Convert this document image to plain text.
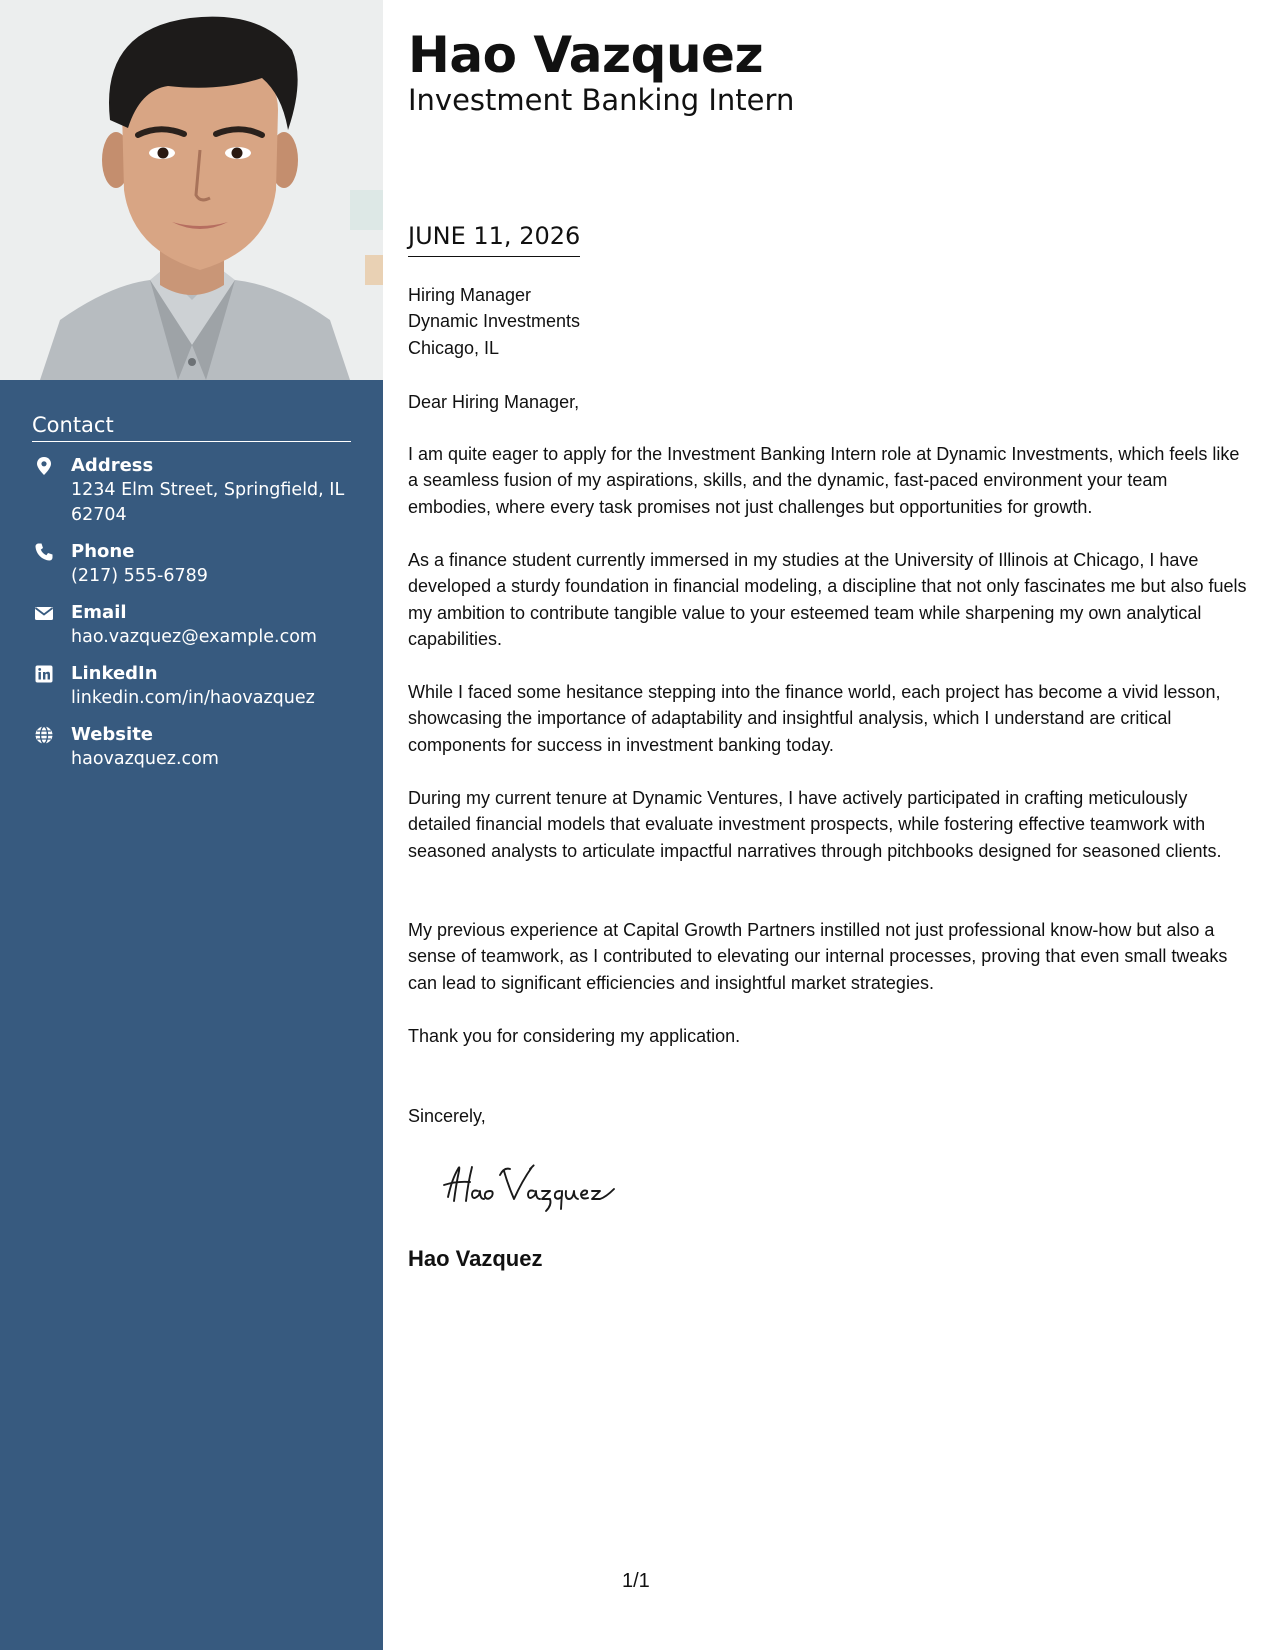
Contact
Address
1234 Elm Street, Springfield, IL 62704
Phone
(217) 555-6789
Email
hao.vazquez@example.com
LinkedIn
linkedin.com/in/haovazquez
Website
haovazquez.com
Hao Vazquez
Investment Banking Intern
JUNE 11, 2026
Hiring Manager
Dynamic Investments
Chicago, IL

Dear Hiring Manager,

I am quite eager to apply for the Investment Banking Intern role at Dynamic Investments, which feels like a seamless fusion of my aspirations, skills, and the dynamic, fast-paced environment your team embodies, where every task promises not just challenges but opportunities for growth.

As a finance student currently immersed in my studies at the University of Illinois at Chicago, I have developed a sturdy foundation in financial modeling, a discipline that not only fascinates me but also fuels my ambition to contribute tangible value to your esteemed team while sharpening my own analytical capabilities.

While I faced some hesitance stepping into the finance world, each project has become a vivid lesson, showcasing the importance of adaptability and insightful analysis, which I understand are critical components for success in investment banking today.

During my current tenure at Dynamic Ventures, I have actively participated in crafting meticulously detailed financial models that evaluate investment prospects, while fostering effective teamwork with seasoned analysts to articulate impactful narratives through pitchbooks designed for seasoned clients.

My previous experience at Capital Growth Partners instilled not just professional know-how but also a sense of teamwork, as I contributed to elevating our internal processes, proving that even small tweaks can lead to significant efficiencies and insightful market strategies.

Thank you for considering my application.

Sincerely,

Hao Vazquez
1/1
